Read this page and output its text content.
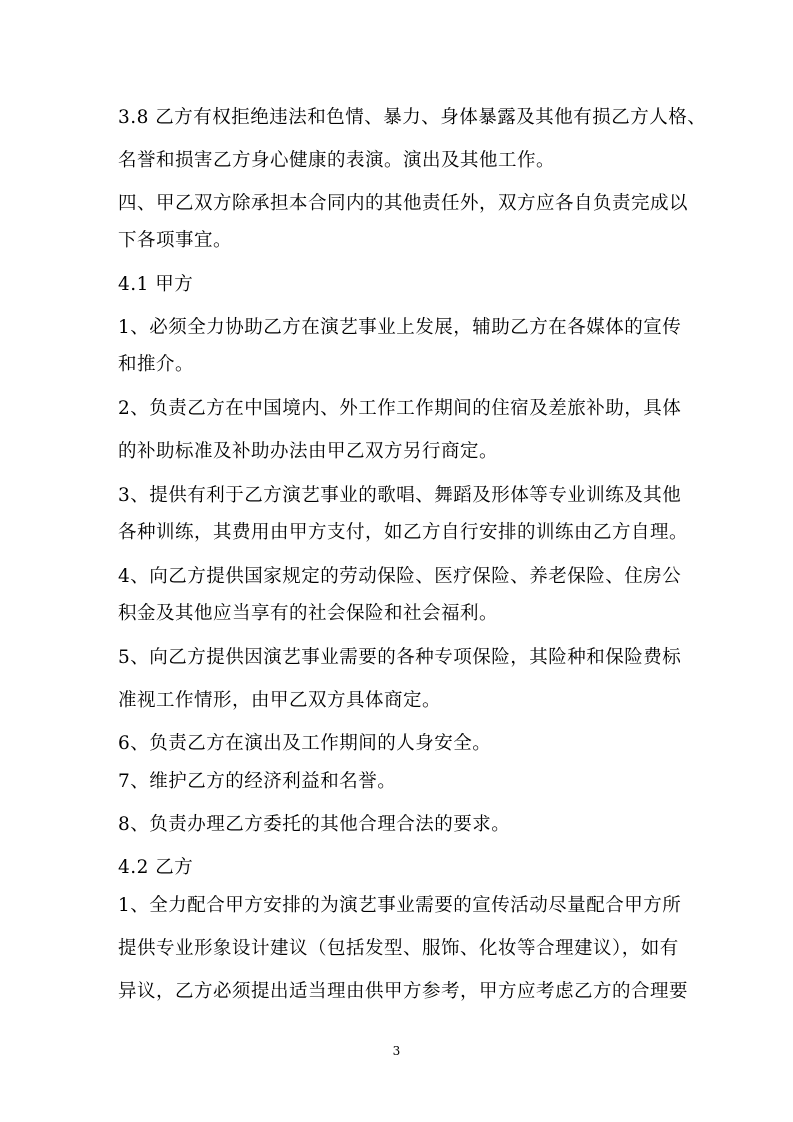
3.8 乙方有权拒绝违法和色情、暴力、身体暴露及其他有损乙方人格、
名誉和损害乙方身心健康的表演。演出及其他工作。
四、甲乙双方除承担本合同内的其他责任外，双方应各自负责完成以
下各项事宜。
4.1 甲方
1、必须全力协助乙方在演艺事业上发展，辅助乙方在各媒体的宣传
和推介。
2、负责乙方在中国境内、外工作工作期间的住宿及差旅补助，具体
的补助标准及补助办法由甲乙双方另行商定。
3、提供有利于乙方演艺事业的歌唱、舞蹈及形体等专业训练及其他
各种训练，其费用由甲方支付，如乙方自行安排的训练由乙方自理。
4、向乙方提供国家规定的劳动保险、医疗保险、养老保险、住房公
积金及其他应当享有的社会保险和社会福利。
5、向乙方提供因演艺事业需要的各种专项保险，其险种和保险费标
准视工作情形，由甲乙双方具体商定。
6、负责乙方在演出及工作期间的人身安全。
7、维护乙方的经济利益和名誉。
8、负责办理乙方委托的其他合理合法的要求。
4.2 乙方
1、全力配合甲方安排的为演艺事业需要的宣传活动尽量配合甲方所
提供专业形象设计建议（包括发型、服饰、化妆等合理建议），如有
异议，乙方必须提出适当理由供甲方参考，甲方应考虑乙方的合理要
3
